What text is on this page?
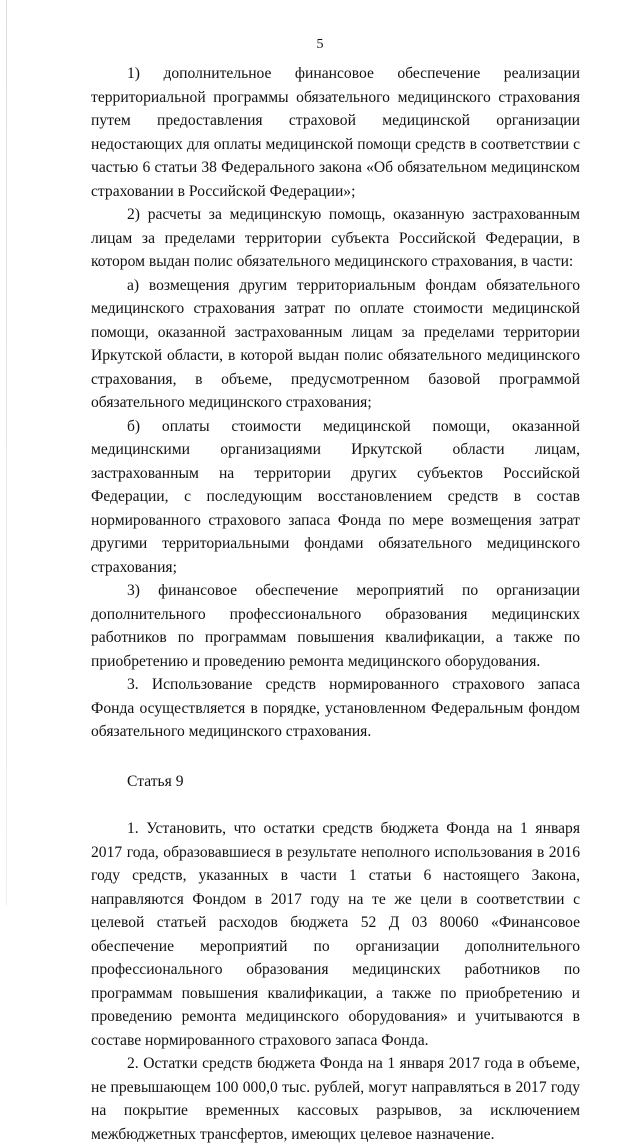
5

1) дополнительное финансовое обеспечение реализации территориальной программы обязательного медицинского страхования путем предоставления страховой медицинской организации недостающих для оплаты медицинской помощи средств в соответствии с частью 6 статьи 38 Федерального закона «Об обязательном медицинском страховании в Российской Федерации»;

2) расчеты за медицинскую помощь, оказанную застрахованным лицам за пределами территории субъекта Российской Федерации, в котором выдан полис обязательного медицинского страхования, в части:

а) возмещения другим территориальным фондам обязательного медицинского страхования затрат по оплате стоимости медицинской помощи, оказанной застрахованным лицам за пределами территории Иркутской области, в которой выдан полис обязательного медицинского страхования, в объеме, предусмотренном базовой программой обязательного медицинского страхования;

б) оплаты стоимости медицинской помощи, оказанной медицинскими организациями Иркутской области лицам, застрахованным на территории других субъектов Российской Федерации, с последующим восстановлением средств в состав нормированного страхового запаса Фонда по мере возмещения затрат другими территориальными фондами обязательного медицинского страхования;

3) финансовое обеспечение мероприятий по организации дополнительного профессионального образования медицинских работников по программам повышения квалификации, а также по приобретению и проведению ремонта медицинского оборудования.

3. Использование средств нормированного страхового запаса Фонда осуществляется в порядке, установленном Федеральным фондом обязательного медицинского страхования.

Статья 9

1. Установить, что остатки средств бюджета Фонда на 1 января 2017 года, образовавшиеся в результате неполного использования в 2016 году средств, указанных в части 1 статьи 6 настоящего Закона, направляются Фондом в 2017 году на те же цели в соответствии с целевой статьей расходов бюджета 52 Д 03 80060 «Финансовое обеспечение мероприятий по организации дополнительного профессионального образования медицинских работников по программам повышения квалификации, а также по приобретению и проведению ремонта медицинского оборудования» и учитываются в составе нормированного страхового запаса Фонда.

2. Остатки средств бюджета Фонда на 1 января 2017 года в объеме, не превышающем 100 000,0 тыс. рублей, могут направляться в 2017 году на покрытие временных кассовых разрывов, за исключением межбюджетных трансфертов, имеющих целевое назначение.
